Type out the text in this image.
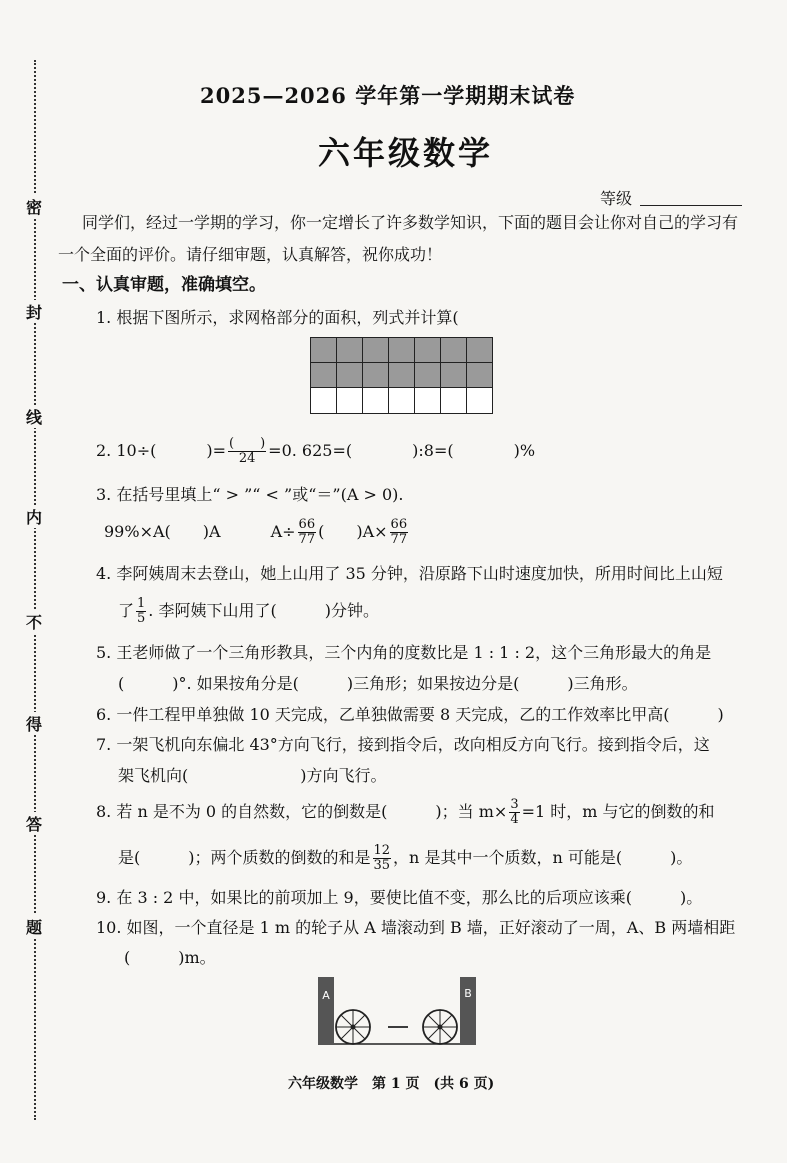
密
封
线
内
不
得
答
题
2025—2026 学年第一学期期末试卷
六年级数学
等级
同学们，经过一学期的学习，你一定增长了许多数学知识，下面的题目会让你对自己的学习有一个全面的评价。请仔细审题，认真解答，祝你成功！
一、认真审题，准确填空。
1. 根据下图所示，求网格部分的面积，列式并计算(
2. 10÷(	)= $\frac{( )}{24} =0$. 625=(	):8=(	)%
3. 在括号里填上“ > ”“ < ”或“＝”(A > 0).
99%×A(　　)A	$A\div \frac{66}{77}$ (　　)$A\times \frac{66}{77}$
4. 李阿姨周末去登山，她上山用了 35 分钟，沿原路下山时速度加快，所用时间比上山短
了 $\frac{1}{5}$ . 李阿姨下山用了(　　　)分钟。
5. 王老师做了一个三角形教具，三个内角的度数比是 1 : 1 : 2，这个三角形最大的角是
(　　　)°. 如果按角分是(　　　)三角形；如果按边分是(　　　)三角形。
6. 一件工程甲单独做 10 天完成，乙单独做需要 8 天完成，乙的工作效率比甲高(　　　)
7. 一架飞机向东偏北 43°方向飞行，接到指令后，改向相反方向飞行。接到指令后，这
架飞机向(　　　　　　　)方向飞行。
8. 若 n 是不为 0 的自然数，它的倒数是(　　　)；当 $m\times \frac{3}{4} =1$ 时，m 与它的倒数的和
是(　　　)；两个质数的倒数的和是 $\frac{12}{35}$ ，n 是其中一个质数，n 可能是(　　　)。
9. 在 3 : 2 中，如果比的前项加上 9，要使比值不变，那么比的后项应该乘(　　　)。
10. 如图，一个直径是 1 m 的轮子从 A 墙滚动到 B 墙，正好滚动了一周，A、B 两墙相距
(　　　)m。
A	B
六年级数学　第 1 页　(共 6 页)
